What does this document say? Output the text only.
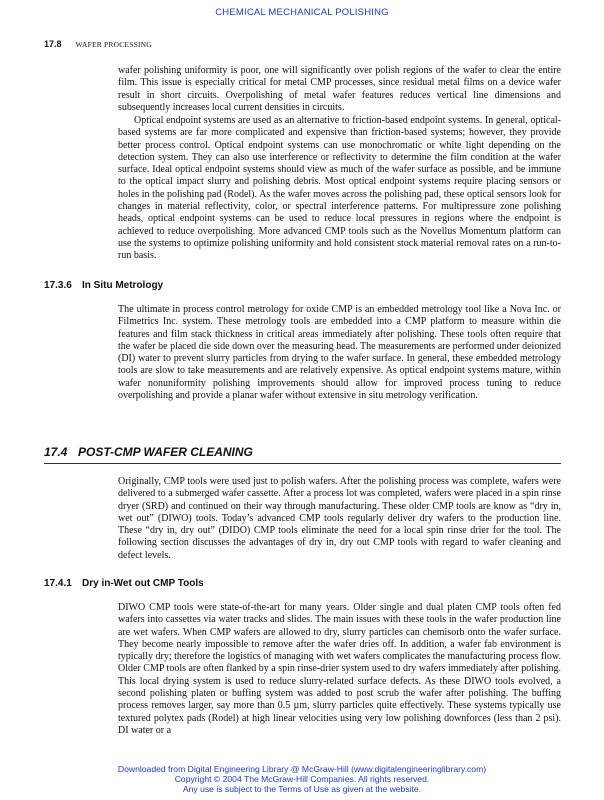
CHEMICAL MECHANICAL POLISHING
17.8 WAFER PROCESSING

wafer polishing uniformity is poor, one will significantly over polish regions of the wafer to clear the entire film. This issue is especially critical for metal CMP processes, since residual metal films on a device wafer result in short circuits. Overpolishing of metal wafer features reduces vertical line dimensions and subsequently increases local current densities in circuits.

Optical endpoint systems are used as an alternative to friction-based endpoint systems. In general, optical-based systems are far more complicated and expensive than friction-based systems; however, they provide better process control. Optical endpoint systems can use monochromatic or white light depending on the detection system. They can also use interference or reflectivity to determine the film condition at the wafer surface. Ideal optical endpoint systems should view as much of the wafer surface as possible, and be immune to the optical impact slurry and polishing debris. Most optical endpoint systems require placing sensors or holes in the polishing pad (Rodel). As the wafer moves across the polishing pad, these optical sensors look for changes in material reflectivity, color, or spectral interference patterns. For multipressure zone polishing heads, optical endpoint systems can be used to reduce local pressures in regions where the endpoint is achieved to reduce overpolishing. More advanced CMP tools such as the Novellus Momentum platform can use the systems to optimize polishing uniformity and hold consistent stock material removal rates on a run-to-run basis.

17.3.6 In Situ Metrology

The ultimate in process control metrology for oxide CMP is an embedded metrology tool like a Nova Inc. or Filmetrics Inc. system. These metrology tools are embedded into a CMP platform to measure within die features and film stack thickness in critical areas immediately after polishing. These tools often require that the wafer be placed die side down over the measuring head. The measurements are performed under deionized (DI) water to prevent slurry particles from drying to the wafer surface. In general, these embedded metrology tools are slow to take measurements and are relatively expensive. As optical endpoint systems mature, within wafer nonuniformity polishing improvements should allow for improved process tuning to reduce overpolishing and provide a planar wafer without extensive in situ metrology verification.

17.4 POST-CMP WAFER CLEANING

Originally, CMP tools were used just to polish wafers. After the polishing process was complete, wafers were delivered to a submerged wafer cassette. After a process lot was completed, wafers were placed in a spin rinse dryer (SRD) and continued on their way through manufacturing. These older CMP tools are know as “dry in, wet out” (DIWO) tools. Today’s advanced CMP tools regularly deliver dry wafers to the production line. These “dry in, dry out” (DIDO) CMP tools eliminate the need for a local spin rinse drier for the tool. The following section discusses the advantages of dry in, dry out CMP tools with regard to wafer cleaning and defect levels.

17.4.1 Dry in-Wet out CMP Tools

DIWO CMP tools were state-of-the-art for many years. Older single and dual platen CMP tools often fed wafers into cassettes via water tracks and slides. The main issues with these tools in the wafer production line are wet wafers. When CMP wafers are allowed to dry, slurry particles can chemisorb onto the wafer surface. They become nearly impossible to remove after the wafer dries off. In addition, a wafer fab environment is typically dry; therefore the logistics of managing with wet wafers complicates the manufacturing process flow. Older CMP tools are often flanked by a spin rinse-drier system used to dry wafers immediately after polishing. This local drying system is used to reduce slurry-related surface defects. As these DIWO tools evolved, a second polishing platen or buffing system was added to post scrub the wafer after polishing. The buffing process removes larger, say more than 0.5 µm, slurry particles quite effectively. These systems typically use textured polytex pads (Rodel) at high linear velocities using very low polishing downforces (less than 2 psi). DI water or a

Downloaded from Digital Engineering Library @ McGraw-Hill (www.digitalengineeringlibrary.com)
Copyright © 2004 The McGraw-Hill Companies. All rights reserved.
Any use is subject to the Terms of Use as given at the website.
